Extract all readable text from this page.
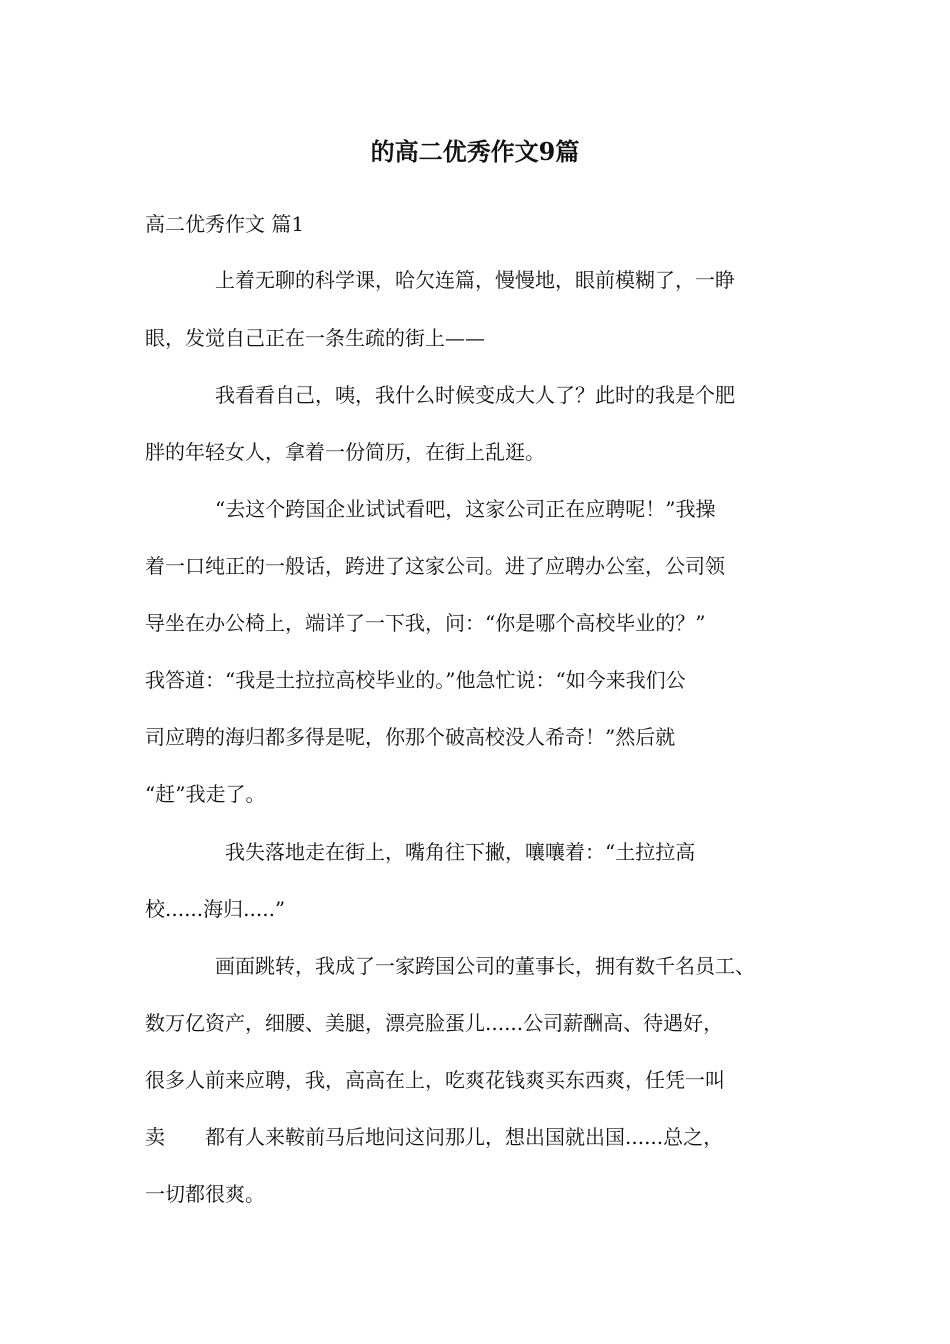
的高二优秀作文9篇

高二优秀作文 篇1

上着无聊的科学课，哈欠连篇，慢慢地，眼前模糊了，一睁

眼，发觉自己正在一条生疏的街上——

我看看自己，咦，我什么时候变成大人了？此时的我是个肥

胖的年轻女人，拿着一份简历，在街上乱逛。

“去这个跨国企业试试看吧，这家公司正在应聘呢！”我操

着一口纯正的一般话，跨进了这家公司。进了应聘办公室，公司领

导坐在办公椅上，端详了一下我，问：“你是哪个高校毕业的？”

我答道：“我是土拉拉高校毕业的。”他急忙说：“如今来我们公

司应聘的海归都多得是呢，你那个破高校没人希奇！”然后就

“赶”我走了。

我失落地走在街上，嘴角往下撇，嚷嚷着：“土拉拉高

校......海归.....”

画面跳转，我成了一家跨国公司的董事长，拥有数千名员工、

数万亿资产，细腰、美腿，漂亮脸蛋儿......公司薪酬高、待遇好，

很多人前来应聘，我，高高在上，吃爽花钱爽买东西爽，任凭一叫

卖　　都有人来鞍前马后地问这问那儿，想出国就出国......总之，

一切都很爽。
